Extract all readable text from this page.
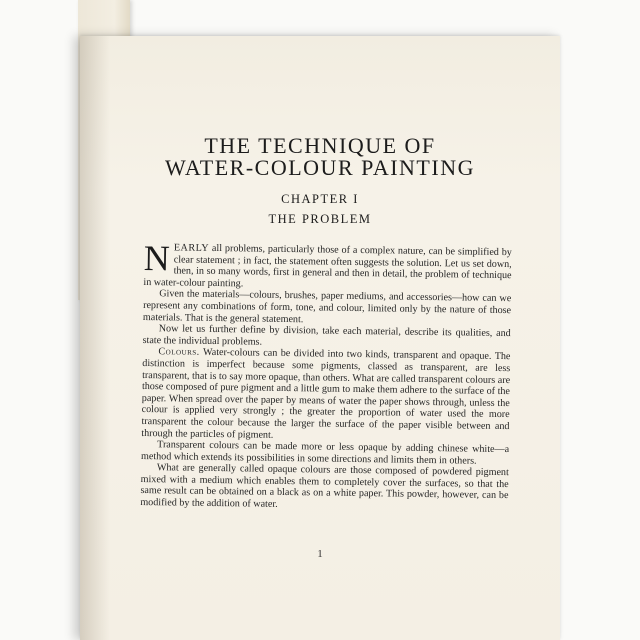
THE TECHNIQUE OF
WATER-COLOUR PAINTING
CHAPTER I
THE PROBLEM

NEARLY all problems, particularly those of a complex nature, can be simplified by clear statement ; in fact, the statement often suggests the solution. Let us set down, then, in so many words, first in general and then in detail, the problem of technique in water-colour painting.

Given the materials—colours, brushes, paper mediums, and accessories—how can we represent any combinations of form, tone, and colour, limited only by the nature of those materials. That is the general statement.

Now let us further define by division, take each material, describe its qualities, and state the individual problems.

Colours. Water-colours can be divided into two kinds, transparent and opaque. The distinction is imperfect because some pigments, classed as transparent, are less transparent, that is to say more opaque, than others. What are called transparent colours are those composed of pure pigment and a little gum to make them adhere to the surface of the paper. When spread over the paper by means of water the paper shows through, unless the colour is applied very strongly ; the greater the proportion of water used the more transparent the colour because the larger the surface of the paper visible between and through the particles of pigment.

Transparent colours can be made more or less opaque by adding chinese white—a method which extends its possibilities in some directions and limits them in others.

What are generally called opaque colours are those composed of powdered pigment mixed with a medium which enables them to completely cover the surfaces, so that the same result can be obtained on a black as on a white paper. This powder, however, can be modified by the addition of water.

1
